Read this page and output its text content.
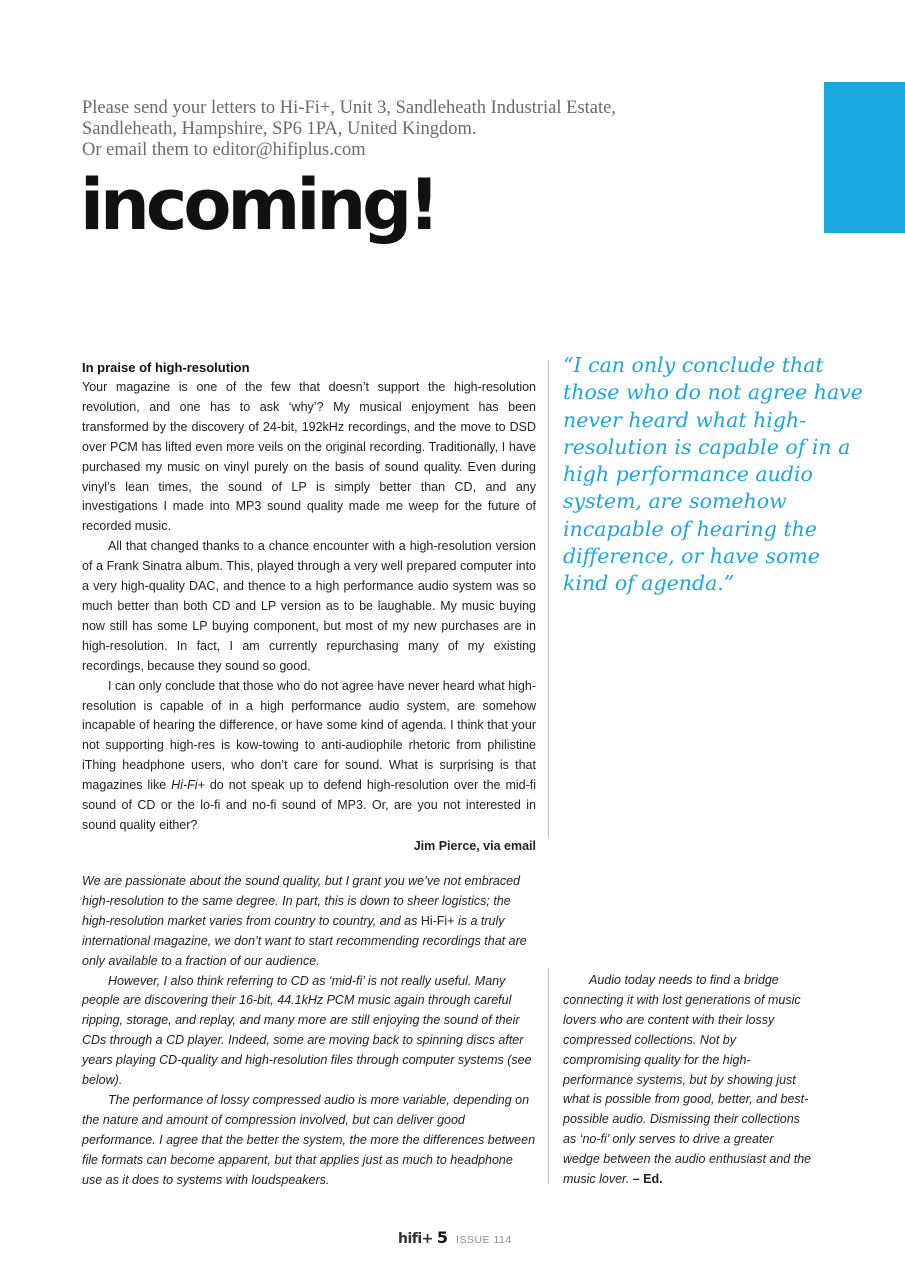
Please send your letters to Hi-Fi+, Unit 3, Sandleheath Industrial Estate,
Sandleheath, Hampshire, SP6 1PA, United Kingdom.
Or email them to editor@hifiplus.com
incoming!
In praise of high-resolution

Your magazine is one of the few that doesn’t support the high-resolution revolution, and one has to ask ‘why’? My musical enjoyment has been transformed by the discovery of 24-bit, 192kHz recordings, and the move to DSD over PCM has lifted even more veils on the original recording. Traditionally, I have purchased my music on vinyl purely on the basis of sound quality. Even during vinyl’s lean times, the sound of LP is simply better than CD, and any investigations I made into MP3 sound quality made me weep for the future of recorded music.

All that changed thanks to a chance encounter with a high-resolution version of a Frank Sinatra album. This, played through a very well prepared computer into a very high-quality DAC, and thence to a high performance audio system was so much better than both CD and LP version as to be laughable. My music buying now still has some LP buying component, but most of my new purchases are in high-resolution. In fact, I am currently repurchasing many of my existing recordings, because they sound so good.

I can only conclude that those who do not agree have never heard what high-resolution is capable of in a high performance audio system, are somehow incapable of hearing the difference, or have some kind of agenda. I think that your not supporting high-res is kow-towing to anti-audiophile rhetoric from philistine iThing headphone users, who don’t care for sound. What is surprising is that magazines like Hi-Fi+ do not speak up to defend high-resolution over the mid-fi sound of CD or the lo-fi and no-fi sound of MP3. Or, are you not interested in sound quality either?

Jim Pierce, via email
“I can only conclude that those who do not agree have never heard what high-resolution is capable of in a high performance audio system, are somehow incapable of hearing the difference, or have some kind of agenda.”

We are passionate about the sound quality, but I grant you we’ve not embraced high-resolution to the same degree. In part, this is down to sheer logistics; the high-resolution market varies from country to country, and as Hi-Fi+ is a truly international magazine, we don’t want to start recommending recordings that are only available to a fraction of our audience.

However, I also think referring to CD as ‘mid-fi’ is not really useful. Many people are discovering their 16-bit, 44.1kHz PCM music again through careful ripping, storage, and replay, and many more are still enjoying the sound of their CDs through a CD player. Indeed, some are moving back to spinning discs after years playing CD-quality and high-resolution files through computer systems (see below).

The performance of lossy compressed audio is more variable, depending on the nature and amount of compression involved, but can deliver good performance. I agree that the better the system, the more the differences between file formats can become apparent, but that applies just as much to headphone use as it does to systems with loudspeakers.

Audio today needs to find a bridge connecting it with lost generations of music lovers who are content with their lossy compressed collections. Not by compromising quality for the high-performance systems, but by showing just what is possible from good, better, and best-possible audio. Dismissing their collections as ‘no-fi’ only serves to drive a greater wedge between the audio enthusiast and the music lover. – Ed.

hifi+ 5 ISSUE 114
